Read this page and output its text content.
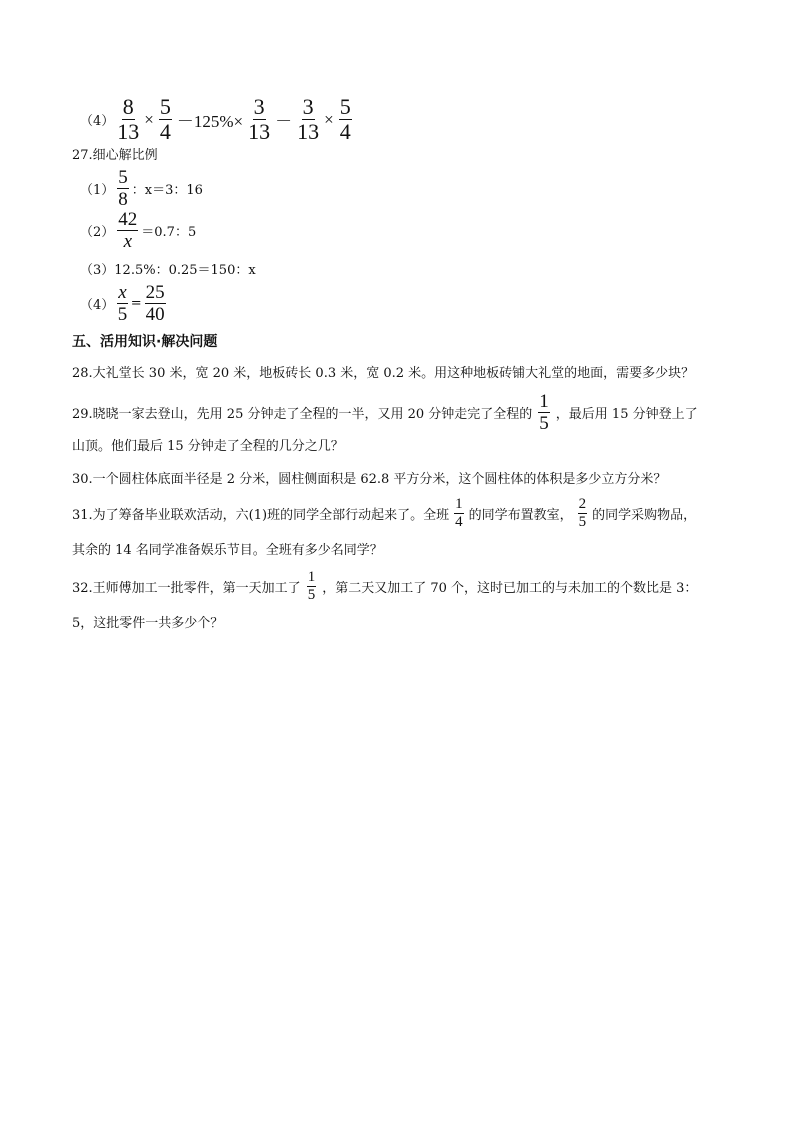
$(4) \frac{8}{13} \times \frac{5}{4} -125\%\times \frac{3}{13} - \frac{3}{13} \times \frac{5}{4}$
27.细心解比例
$(1) \frac{5}{8}$ ：x＝3：16
$(2) \frac{42}{x} =0.7$：5
（3） 12.5%：0.25＝150：x
$(4) \frac{x}{5} = \frac{25}{40}$
五、活用知识·解决问题
28.大礼堂长 30 米，宽 20 米，地板砖长 0.3 米，宽 0.2 米。用这种地板砖铺大礼堂的地面，需要多少块？
29.晓晓一家去登山，先用 25 分钟走了全程的一半，又用 20 分钟走完了全程的 $\frac{1}{5}$ ，最后用 15 分钟登上了
山顶。他们最后 15 分钟走了全程的几分之几？
30.一个圆柱体底面半径是 2 分米，圆柱侧面积是 62.8 平方分米，这个圆柱体的体积是多少立方分米？
31.为了筹备毕业联欢活动，六(1)班的同学全部行动起来了。全班 $\frac{1}{4}$ 的同学布置教室， $\frac{2}{5}$ 的同学采购物品，
其余的 14 名同学准备娱乐节目。全班有多少名同学？
32.王师傅加工一批零件，第一天加工了 $\frac{1}{5}$ ，第二天又加工了 70 个，这时已加工的与未加工的个数比是 3：
5，这批零件一共多少个？
